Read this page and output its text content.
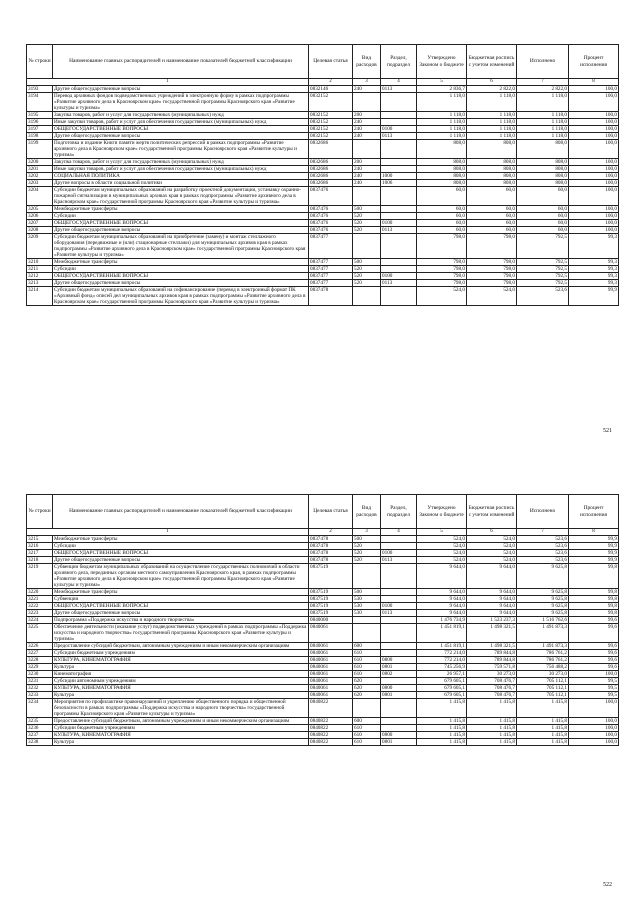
№ строки	Наименование главных распорядителей и наименование показателей бюджетной классификации	Целевая статья	Вид расходов	Раздел, подраздел	Утверждено Законом о бюджете	Бюджетная роспись с учетом изменений	Исполнено	Процент исполнения
1		2	3	4	5	6	7	8
3193	Другие общегосударственные вопросы	0832146	240	0113	2 836,7	2 822,0	2 822,0	100,0
3194	Перевод архивных фондов подведомственных учреждений в электронную форму в рамках подпрограммы «Развитие архивного дела в Красноярском крае» государственной программы Красноярского края «Развитие культуры и туризма»	0832152			1 118,0	1 118,0	1 118,0	100,0
3195	Закупка товаров, работ и услуг для государственных (муниципальных) нужд	0832152	200		1 118,0	1 118,0	1 118,0	100,0
3196	Иные закупки товаров, работ и услуг для обеспечения государственных (муниципальных) нужд	0832152	240		1 118,0	1 118,0	1 118,0	100,0
3197	ОБЩЕГОСУДАРСТВЕННЫЕ ВОПРОСЫ	0832152	240	0100	1 118,0	1 118,0	1 118,0	100,0
3198	Другие общегосударственные вопросы	0832152	240	0113	1 118,0	1 118,0	1 118,0	100,0
3199	Подготовка и издание Книги памяти жертв политических репрессий в рамках подпрограммы «Развитие архивного дела в Красноярском крае» государственной программы Красноярского края «Развитие культуры и туризма»	0832686			808,0	808,0	808,0	100,0
3200	Закупка товаров, работ и услуг для государственных (муниципальных) нужд	0832686	200		808,0	808,0	808,0	100,0
3201	Иные закупки товаров, работ и услуг для обеспечения государственных (муниципальных) нужд	0832686	240		808,0	808,0	808,0	100,0
3202	СОЦИАЛЬНАЯ ПОЛИТИКА	0832686	240	1000	808,0	808,0	808,0	100,0
3203	Другие вопросы в области социальной политики	0832686	240	1006	808,0	808,0	808,0	100,0
3204	Субсидии бюджетам муниципальных образований на разработку проектной документации, устанавку охранно-пожарной сигнализации в муниципальных архивах края в рамках подпрограммы «Развитие архивного дела в Красноярском крае» государственной программы Красноярского края «Развитие культуры и туризма»	0837476			60,0	60,0	60,0	100,0
3205	Межбюджетные трансферты	0837476	500		60,0	60,0	60,0	100,0
3206	Субсидии	0837476	520		60,0	60,0	60,0	100,0
3207	ОБЩЕГОСУДАРСТВЕННЫЕ ВОПРОСЫ	0837476	520	0100	60,0	60,0	60,0	100,0
3208	Другие общегосударственные вопросы	0837476	520	0113	60,0	60,0	60,0	100,0
3209	Субсидии бюджетам муниципальных образований на приобретение (замену) и монтаж стеллажного оборудования (передвижные и (или) стационарные стеллажи) для муниципальных архивов края в рамках подпрограммы «Развитие архивного дела в Красноярском крае» государственной программы Красноярского края «Развитие культуры и туризма»	0837477			798,0	798,0	792,5	99,3
3210	Межбюджетные трансферты	0837477	500		798,0	798,0	792,5	99,3
3211	Субсидии	0837477	520		798,0	798,0	792,5	99,3
3212	ОБЩЕГОСУДАРСТВЕННЫЕ ВОПРОСЫ	0837477	520	0100	798,0	798,0	792,5	99,3
3213	Другие общегосударственные вопросы	0837477	520	0113	798,0	798,0	792,5	99,3
3214	Субсидии бюджетам муниципальных образований на софинансирование (перевод в электронный формат ПК «Архивный фонд» описей дел муниципальных архивов края в рамках подпрограммы «Развитие архивного дела в Красноярском крае» государственной программы Красноярского края «Развитие культуры и туризма»	0837478			524,0	524,0	523,6	99,9
521
№ строки	Наименование главных распорядителей и наименование показателей бюджетной классификации	Целевая статья	Вид расходов	Раздел, подраздел	Утверждено Законом о бюджете	Бюджетная роспись с учетом изменений	Исполнено	Процент исполнения
1		2	3	4	5	6	7	8
3215	Межбюджетные трансферты	0837478	500		524,0	524,0	523,6	99,9
3216	Субсидии	0837478	520		524,0	524,0	523,6	99,9
3217	ОБЩЕГОСУДАРСТВЕННЫЕ ВОПРОСЫ	0837478	520	0100	524,0	524,0	523,6	99,9
3218	Другие общегосударственные вопросы	0837478	520	0113	524,0	524,0	523,6	99,9
3219	Субвенции бюджетам муниципальных образований на осуществление государственных полномочий в области архивного дела, переданных органам местного самоуправления Красноярского края, в рамках подпрограммы «Развитие архивного дела в Красноярском крае» государственной программы Красноярского края «Развитие культуры и туризма»	0837519			9 644,0	9 644,0	9 625,8	99,8
3220	Межбюджетные трансферты	0837519	500		9 644,0	9 644,0	9 625,8	99,8
3221	Субвенции	0837519	530		9 644,0	9 644,0	9 625,8	99,8
3222	ОБЩЕГОСУДАРСТВЕННЫЕ ВОПРОСЫ	0837519	530	0100	9 644,0	9 644,0	9 625,8	99,8
3223	Другие общегосударственные вопросы	0837519	530	0113	9 644,0	9 644,0	9 625,8	99,8
3224	Подпрограмма «Поддержка искусства и народного творчества»	0840000			1 476 734,9	1 523 237,3	1 516 762,6	99,6
3225	Обеспечение деятельности (оказание услуг) подведомственных учреждений в рамках подпрограммы «Поддержка искусства и народного творчества» государственной программы Красноярского края «Развитие культуры и туризма»	0840061			1 451 819,1	1 498 321,5	1 491 873,3	99,6
3226	Предоставление субсидий бюджетным, автономным учреждениям и иным некоммерческим организациям	0840061	600		1 451 819,1	1 498 321,5	1 491 873,3	99,6
3227	Субсидии бюджетным учреждениям	0840061	610		772 214,0	789 844,8	786 761,2	99,6
3228	КУЛЬТУРА, КИНЕМАТОГРАФИЯ	0840061	610	0800	772 214,0	789 844,8	786 761,2	99,6
3229	Культура	0840061	610	0801	745 256,9	759 571,8	756 488,2	99,6
3230	Кинематография	0840061	610	0802	26 957,1	30 273,0	30 273,0	100,0
3231	Субсидии автономным учреждениям	0840061	620		679 605,1	708 476,7	705 112,1	99,5
3232	КУЛЬТУРА, КИНЕМАТОГРАФИЯ	0840061	620	0800	679 605,1	708 476,7	705 112,1	99,5
3233	Культура	0840061	620	0801	679 605,1	708 476,7	705 112,1	99,5
3234	Мероприятия по профилактике правонарушений и укреплению общественного порядка и общественной безопасности в рамках подпрограммы «Поддержка искусства и народного творчества» государственной программы Красноярского края «Развитие культуры и туризма»	0840822			1 415,8	1 415,8	1 415,8	100,0
3235	Предоставление субсидий бюджетным, автономным учреждениям и иным некоммерческим организациям	0840822	600		1 415,8	1 415,8	1 415,8	100,0
3236	Субсидии бюджетным учреждениям	0840822	610		1 415,8	1 415,8	1 415,8	100,0
3237	КУЛЬТУРА, КИНЕМАТОГРАФИЯ	0840822	610	0800	1 415,8	1 415,8	1 415,8	100,0
3238	Культура	0840822	610	0801	1 415,8	1 415,8	1 415,8	100,0
522
